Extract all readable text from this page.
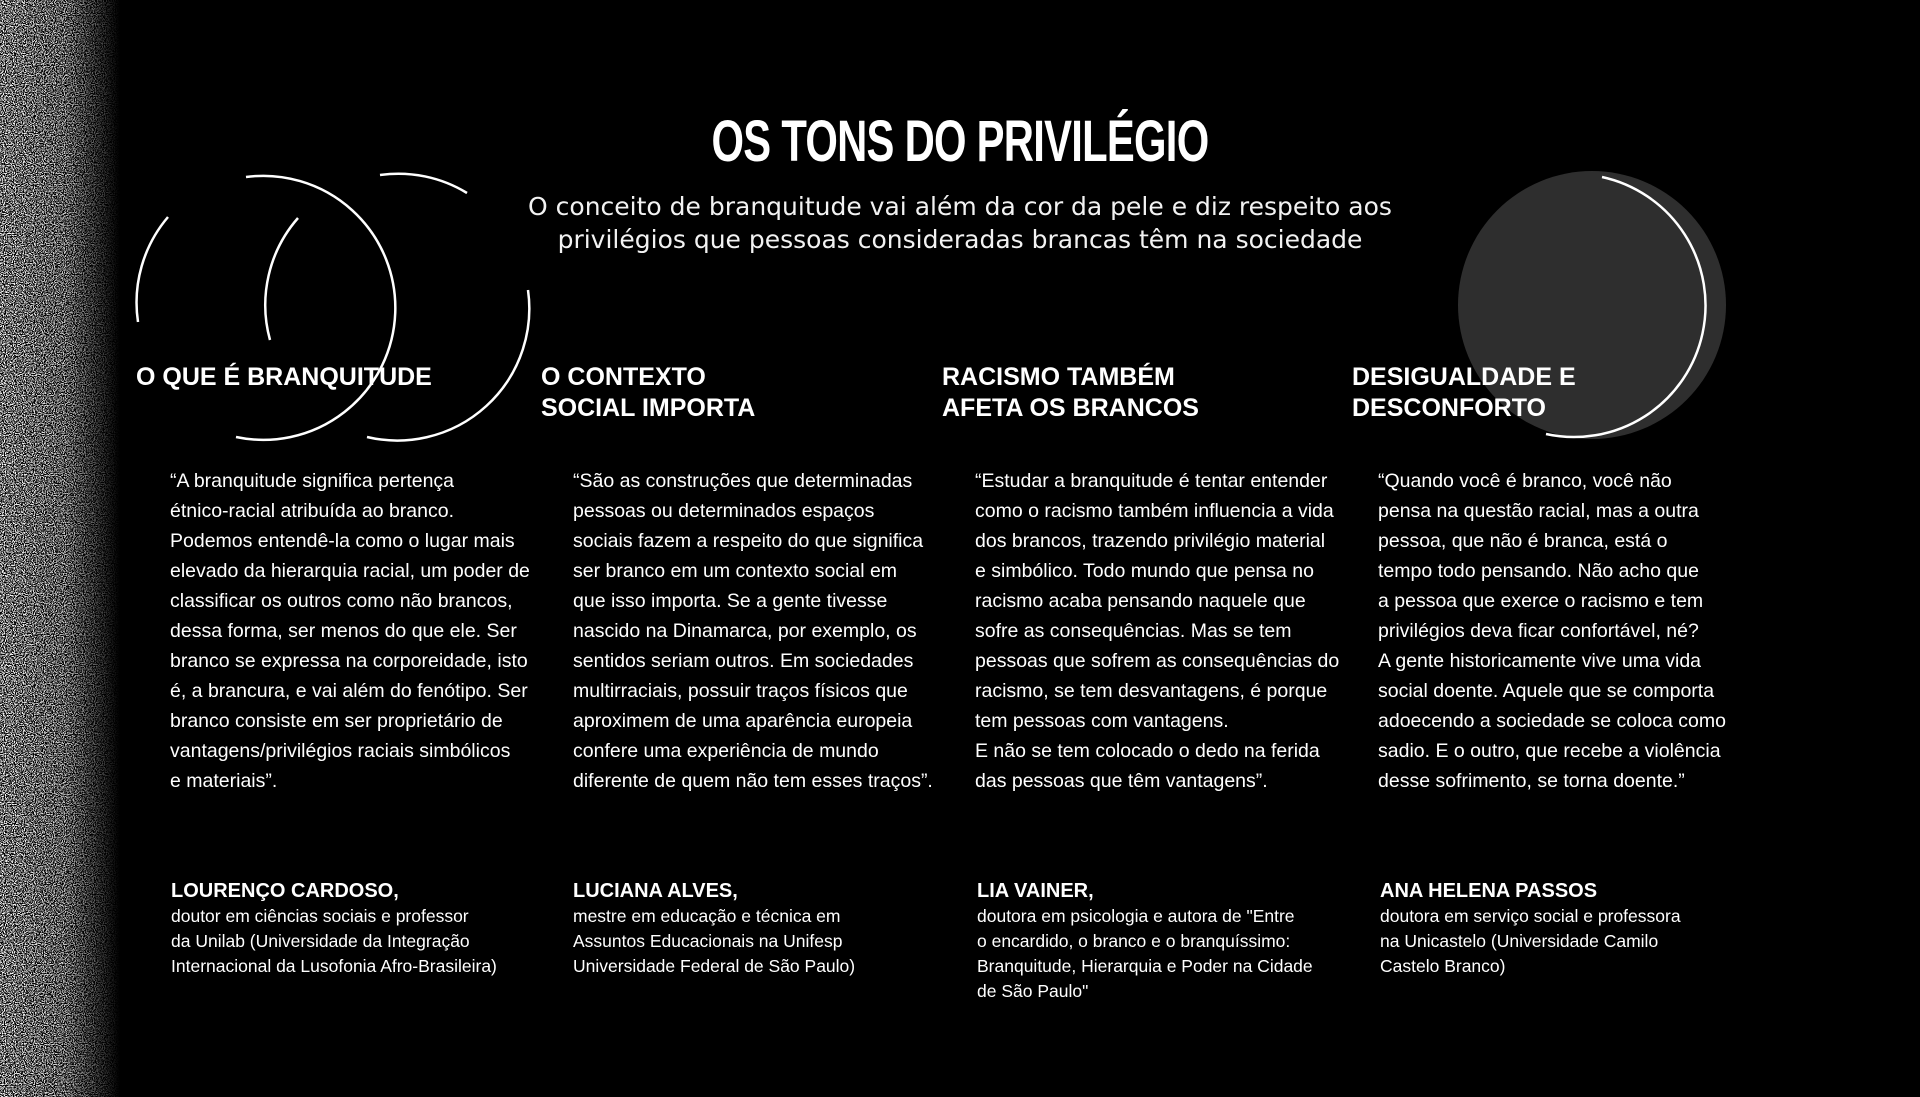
OS TONS DO PRIVILÉGIO

O conceito de branquitude vai além da cor da pele e diz respeito aos
privilégios que pessoas consideradas brancas têm na sociedade

O QUE É BRANQUITUDE
“A branquitude significa pertença
étnico-racial atribuída ao branco.
Podemos entendê-la como o lugar mais
elevado da hierarquia racial, um poder de
classificar os outros como não brancos,
dessa forma, ser menos do que ele. Ser
branco se expressa na corporeidade, isto
é, a brancura, e vai além do fenótipo. Ser
branco consiste em ser proprietário de
vantagens/privilégios raciais simbólicos
e materiais”.
LOURENÇO CARDOSO,
doutor em ciências sociais e professor
da Unilab (Universidade da Integração
Internacional da Lusofonia Afro-Brasileira)
O CONTEXTO
SOCIAL IMPORTA
“São as construções que determinadas
pessoas ou determinados espaços
sociais fazem a respeito do que significa
ser branco em um contexto social em
que isso importa. Se a gente tivesse
nascido na Dinamarca, por exemplo, os
sentidos seriam outros. Em sociedades
multirraciais, possuir traços físicos que
aproximem de uma aparência europeia
confere uma experiência de mundo
diferente de quem não tem esses traços”.
LUCIANA ALVES,
mestre em educação e técnica em
Assuntos Educacionais na Unifesp
Universidade Federal de São Paulo)
RACISMO TAMBÉM
AFETA OS BRANCOS
“Estudar a branquitude é tentar entender
como o racismo também influencia a vida
dos brancos, trazendo privilégio material
e simbólico. Todo mundo que pensa no
racismo acaba pensando naquele que
sofre as consequências. Mas se tem
pessoas que sofrem as consequências do
racismo, se tem desvantagens, é porque
tem pessoas com vantagens.
E não se tem colocado o dedo na ferida
das pessoas que têm vantagens”.
LIA VAINER,
doutora em psicologia e autora de "Entre
o encardido, o branco e o branquíssimo:
Branquitude, Hierarquia e Poder na Cidade
de São Paulo"
DESIGUALDADE E
DESCONFORTO
“Quando você é branco, você não
pensa na questão racial, mas a outra
pessoa, que não é branca, está o
tempo todo pensando. Não acho que
a pessoa que exerce o racismo e tem
privilégios deva ficar confortável, né?
A gente historicamente vive uma vida
social doente. Aquele que se comporta
adoecendo a sociedade se coloca como
sadio. E o outro, que recebe a violência
desse sofrimento, se torna doente.”
ANA HELENA PASSOS
doutora em serviço social e professora
na Unicastelo (Universidade Camilo
Castelo Branco)
